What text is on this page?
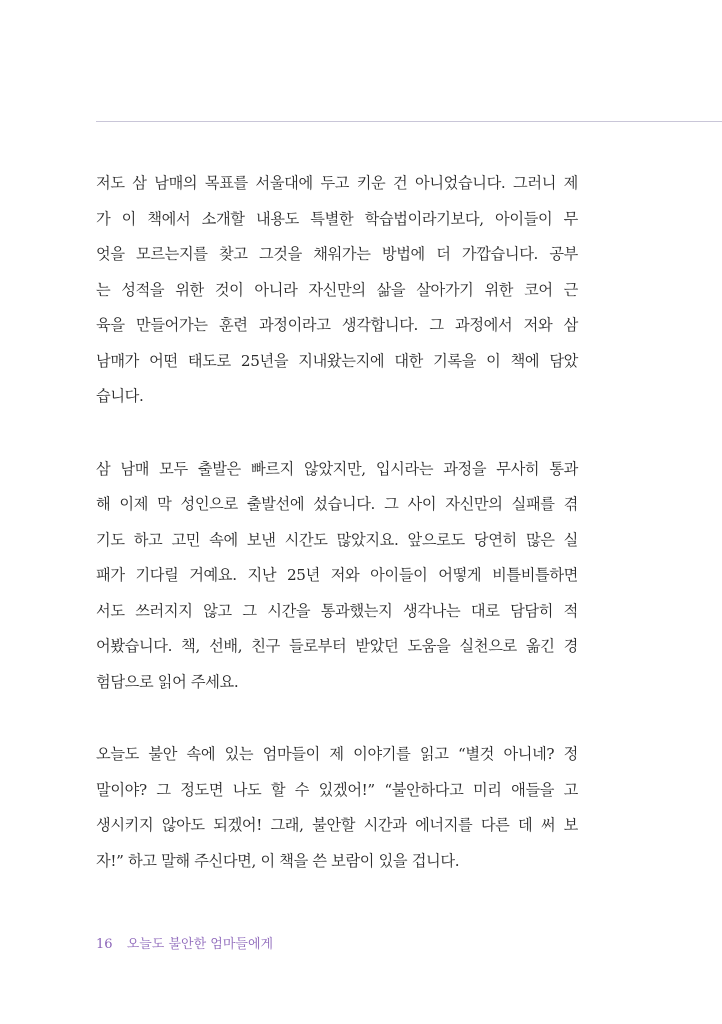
저도 삼 남매의 목표를 서울대에 두고 키운 건 아니었습니다. 그러니 제
가 이 책에서 소개할 내용도 특별한 학습법이라기보다, 아이들이 무
엇을 모르는지를 찾고 그것을 채워가는 방법에 더 가깝습니다. 공부
는 성적을 위한 것이 아니라 자신만의 삶을 살아가기 위한 코어 근
육을 만들어가는 훈련 과정이라고 생각합니다. 그 과정에서 저와 삼
남매가 어떤 태도로 25년을 지내왔는지에 대한 기록을 이 책에 담았
습니다.

삼 남매 모두 출발은 빠르지 않았지만, 입시라는 과정을 무사히 통과
해 이제 막 성인으로 출발선에 섰습니다. 그 사이 자신만의 실패를 겪
기도 하고 고민 속에 보낸 시간도 많았지요. 앞으로도 당연히 많은 실
패가 기다릴 거예요. 지난 25년 저와 아이들이 어떻게 비틀비틀하면
서도 쓰러지지 않고 그 시간을 통과했는지 생각나는 대로 담담히 적
어봤습니다. 책, 선배, 친구 들로부터 받았던 도움을 실천으로 옮긴 경
험담으로 읽어 주세요.

오늘도 불안 속에 있는 엄마들이 제 이야기를 읽고 “별것 아니네? 정
말이야? 그 정도면 나도 할 수 있겠어!” “불안하다고 미리 애들을 고
생시키지 않아도 되겠어! 그래, 불안할 시간과 에너지를 다른 데 써 보
자!” 하고 말해 주신다면, 이 책을 쓴 보람이 있을 겁니다.

16 오늘도 불안한 엄마들에게
